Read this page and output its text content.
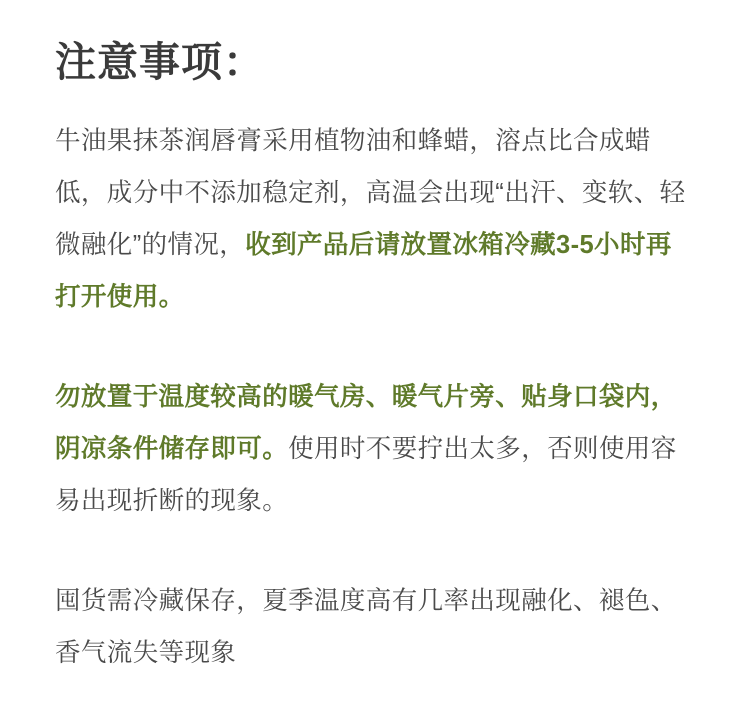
注意事项：

牛油果抹茶润唇膏采用植物油和蜂蜡，溶点比合成蜡低，成分中不添加稳定剂，高温会出现“出汗、变软、轻微融化”的情况，收到产品后请放置冰箱冷藏3-5小时再打开使用。

勿放置于温度较高的暖气房、暖气片旁、贴身口袋内，阴凉条件储存即可。使用时不要拧出太多，否则使用容易出现折断的现象。

囤货需冷藏保存，夏季温度高有几率出现融化、褪色、香气流失等现象
